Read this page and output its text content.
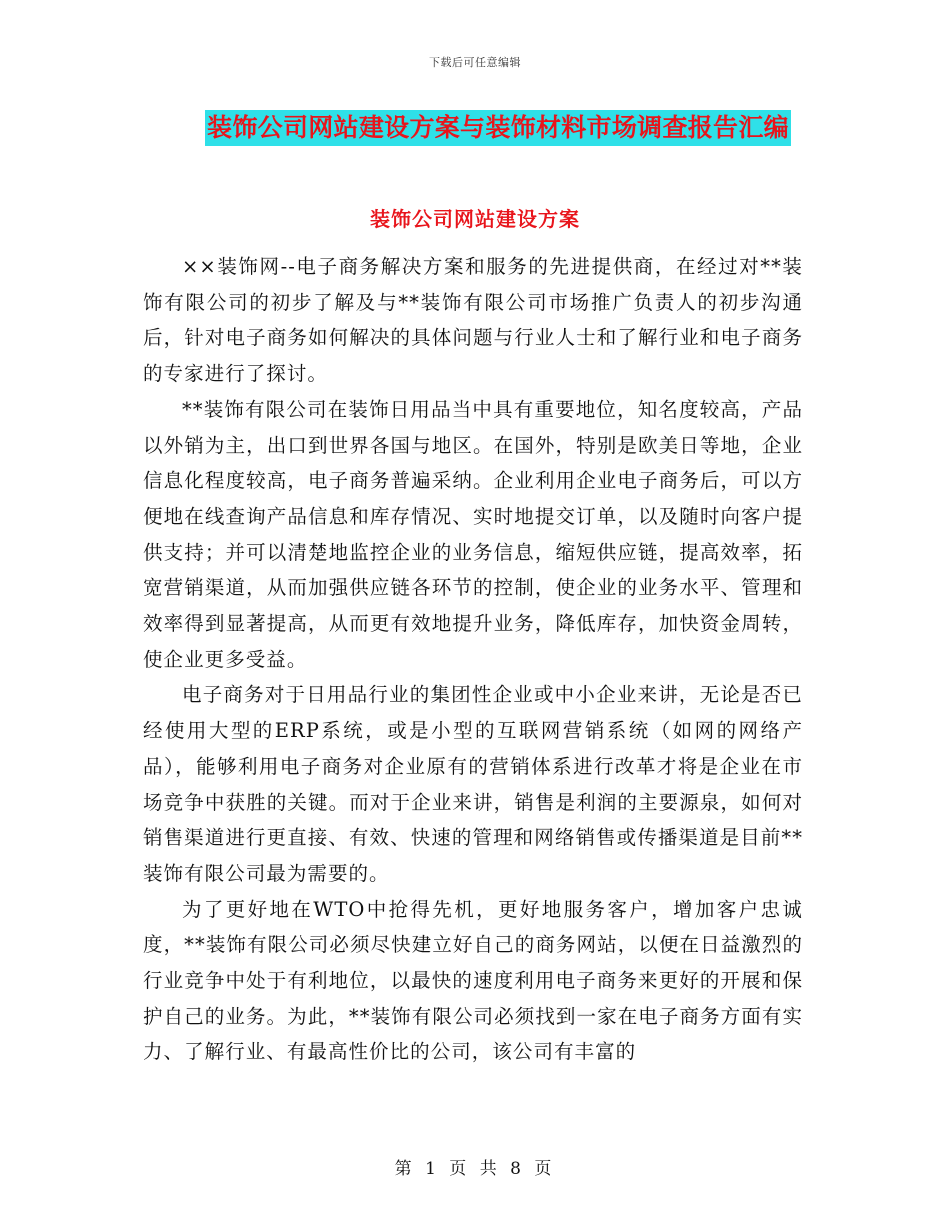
下载后可任意编辑
装饰公司网站建设方案与装饰材料市场调查报告汇编
装饰公司网站建设方案

××装饰网--电子商务解决方案和服务的先进提供商，在经过对**装饰有限公司的初步了解及与**装饰有限公司市场推广负责人的初步沟通后，针对电子商务如何解决的具体问题与行业人士和了解行业和电子商务的专家进行了探讨。

**装饰有限公司在装饰日用品当中具有重要地位，知名度较高，产品以外销为主，出口到世界各国与地区。在国外，特别是欧美日等地，企业信息化程度较高，电子商务普遍采纳。企业利用企业电子商务后，可以方便地在线查询产品信息和库存情况、实时地提交订单，以及随时向客户提供支持；并可以清楚地监控企业的业务信息，缩短供应链，提高效率，拓宽营销渠道，从而加强供应链各环节的控制，使企业的业务水平、管理和效率得到显著提高，从而更有效地提升业务，降低库存，加快资金周转，使企业更多受益。

电子商务对于日用品行业的集团性企业或中小企业来讲，无论是否已经使用大型的ERP系统，或是小型的互联网营销系统（如网的网络产品），能够利用电子商务对企业原有的营销体系进行改革才将是企业在市场竞争中获胜的关键。而对于企业来讲，销售是利润的主要源泉，如何对销售渠道进行更直接、有效、快速的管理和网络销售或传播渠道是目前**装饰有限公司最为需要的。

为了更好地在WTO中抢得先机，更好地服务客户，增加客户忠诚度，**装饰有限公司必须尽快建立好自己的商务网站，以便在日益激烈的行业竞争中处于有利地位，以最快的速度利用电子商务来更好的开展和保护自己的业务。为此，**装饰有限公司必须找到一家在电子商务方面有实力、了解行业、有最高性价比的公司，该公司有丰富的

第 1 页 共 8 页
